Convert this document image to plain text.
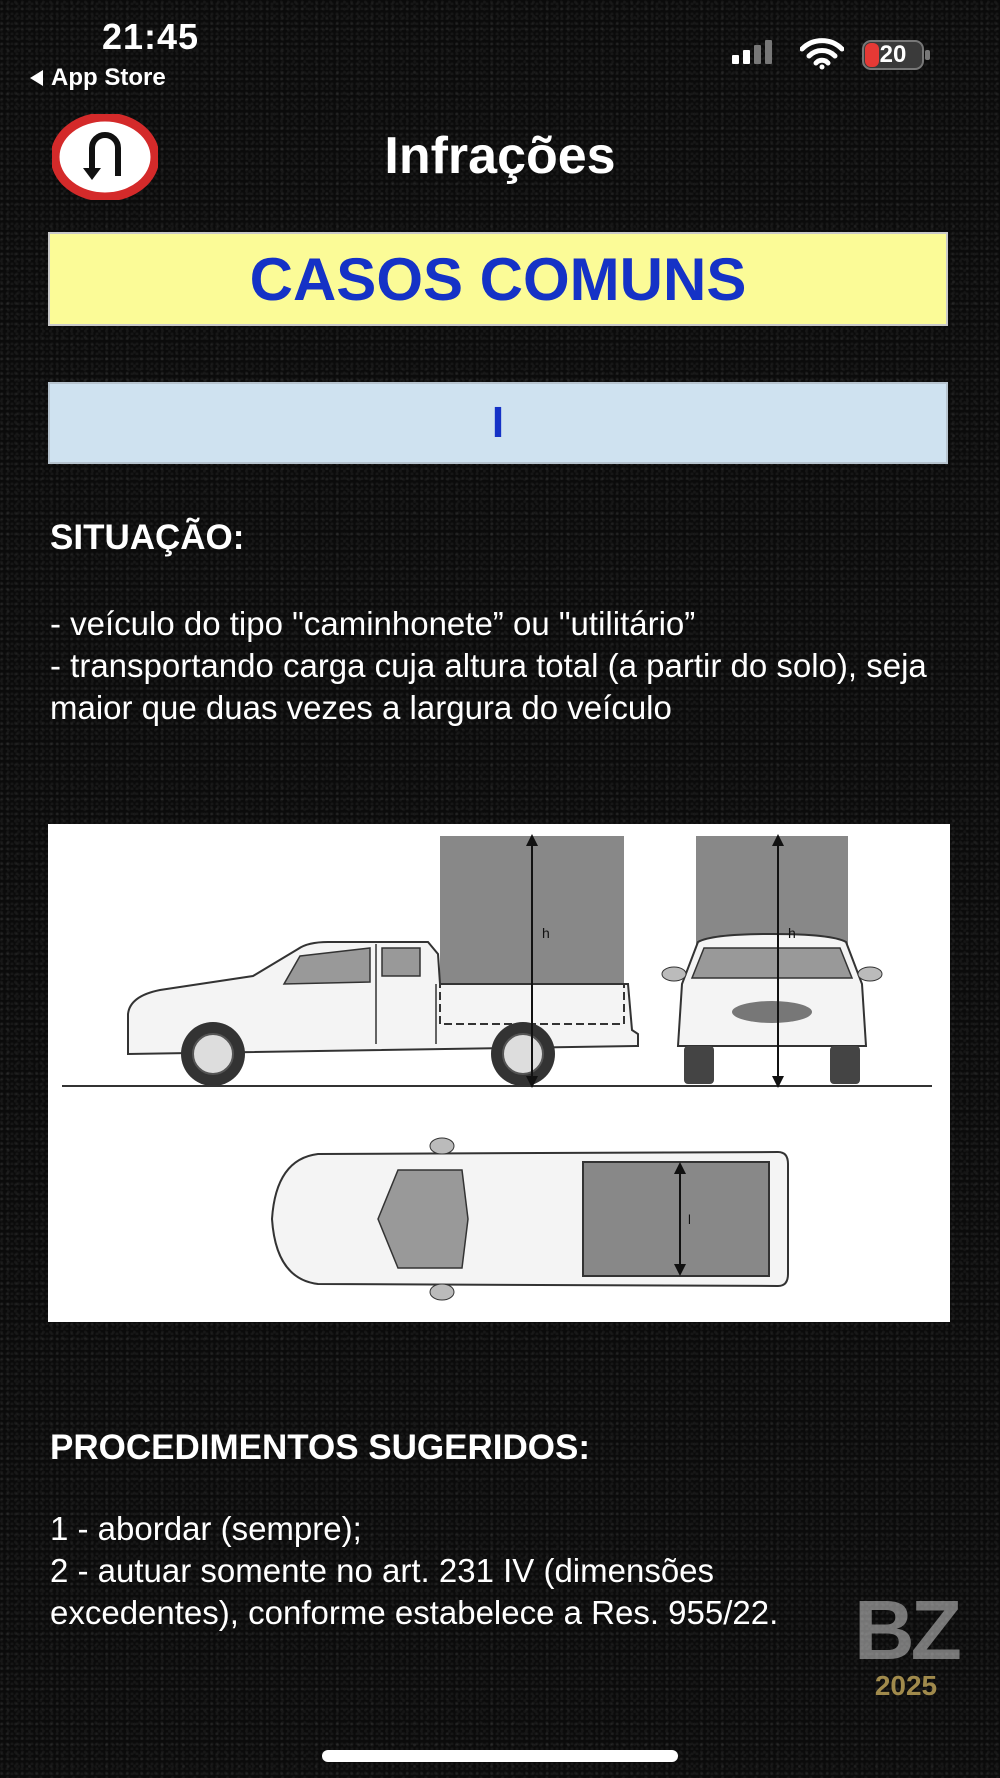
21:45
App Store
20
Infrações
CASOS COMUNS
I
SITUAÇÃO:
- veículo do tipo "caminhonete” ou "utilitário”
- transportando carga cuja altura total (a partir do solo), seja maior que duas vezes a largura do veículo
h	h
l
PROCEDIMENTOS SUGERIDOS:
1 - abordar (sempre);
2 - autuar somente no art. 231 IV (dimensões excedentes), conforme estabelece a Res. 955/22. BZ
2025
